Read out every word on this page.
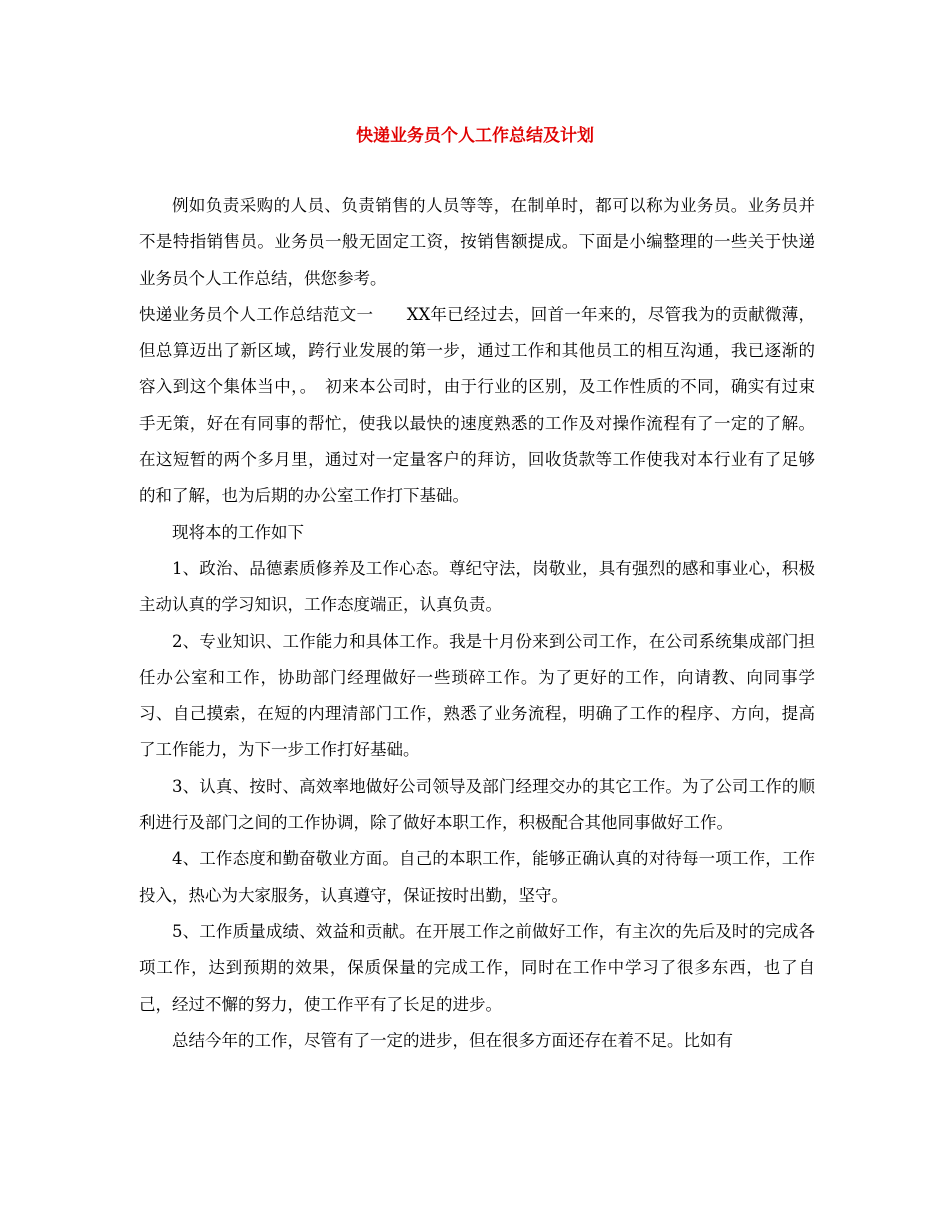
快递业务员个人工作总结及计划

例如负责采购的人员、负责销售的人员等等，在制单时，都可以称为业务员。业务员并不是特指销售员。业务员一般无固定工资，按销售额提成。下面是小编整理的一些关于快递业务员个人工作总结，供您参考。

快递业务员个人工作总结范文一　　XX年已经过去，回首一年来的，尽管我为的贡献微薄，但总算迈出了新区域，跨行业发展的第一步，通过工作和其他员工的相互沟通，我已逐渐的容入到这个集体当中，。　初来本公司时，由于行业的区别，及工作性质的不同，确实有过束手无策，好在有同事的帮忙，使我以最快的速度熟悉的工作及对操作流程有了一定的了解。在这短暂的两个多月里，通过对一定量客户的拜访，回收货款等工作使我对本行业有了足够的和了解，也为后期的办公室工作打下基础。

现将本的工作如下

1、政治、品德素质修养及工作心态。尊纪守法，岗敬业，具有强烈的感和事业心，积极主动认真的学习知识，工作态度端正，认真负责。

2、专业知识、工作能力和具体工作。我是十月份来到公司工作，在公司系统集成部门担任办公室和工作，协助部门经理做好一些琐碎工作。为了更好的工作，向请教、向同事学习、自己摸索，在短的内理清部门工作，熟悉了业务流程，明确了工作的程序、方向，提高了工作能力，为下一步工作打好基础。

3、认真、按时、高效率地做好公司领导及部门经理交办的其它工作。为了公司工作的顺利进行及部门之间的工作协调，除了做好本职工作，积极配合其他同事做好工作。

4、工作态度和勤奋敬业方面。自己的本职工作，能够正确认真的对待每一项工作，工作投入，热心为大家服务，认真遵守，保证按时出勤，坚守。

5、工作质量成绩、效益和贡献。在开展工作之前做好工作，有主次的先后及时的完成各项工作，达到预期的效果，保质保量的完成工作，同时在工作中学习了很多东西，也了自己，经过不懈的努力，使工作平有了长足的进步。

总结今年的工作，尽管有了一定的进步，但在很多方面还存在着不足。比如有
